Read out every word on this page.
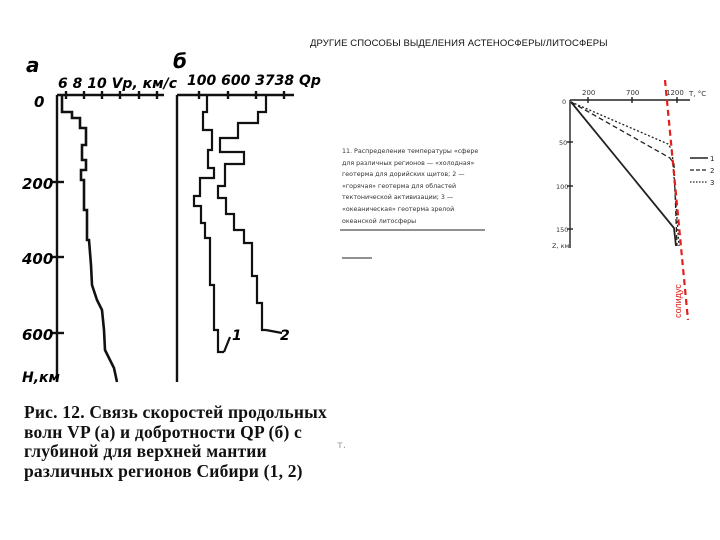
ДРУГИЕ СПОСОБЫ ВЫДЕЛЕНИЯ АСТЕНОСФЕРЫ/ЛИТОСФЕРЫ
а	б
6 8 10 Vp, км/с 100 600 3738 Qp
0
200
400
600
Н,км
1	2
т.
Рис. 12. Связь скоростей продольных волн VP (а) и добротности QP (б) с глубиной для верхней мантии различных регионов Сибири (1, 2)
11. Распределение температуры «сфере для различных регионов — «холодная» геотерма для дорийских щитов; 2 — «горячая» геотерма для областей тектонической активизации; 3 — «океаническая» геотерма зрелой океанской литосферы
200	700	1200 T, °C
0
50
100
150
Z, км
1
2
3
солидус
